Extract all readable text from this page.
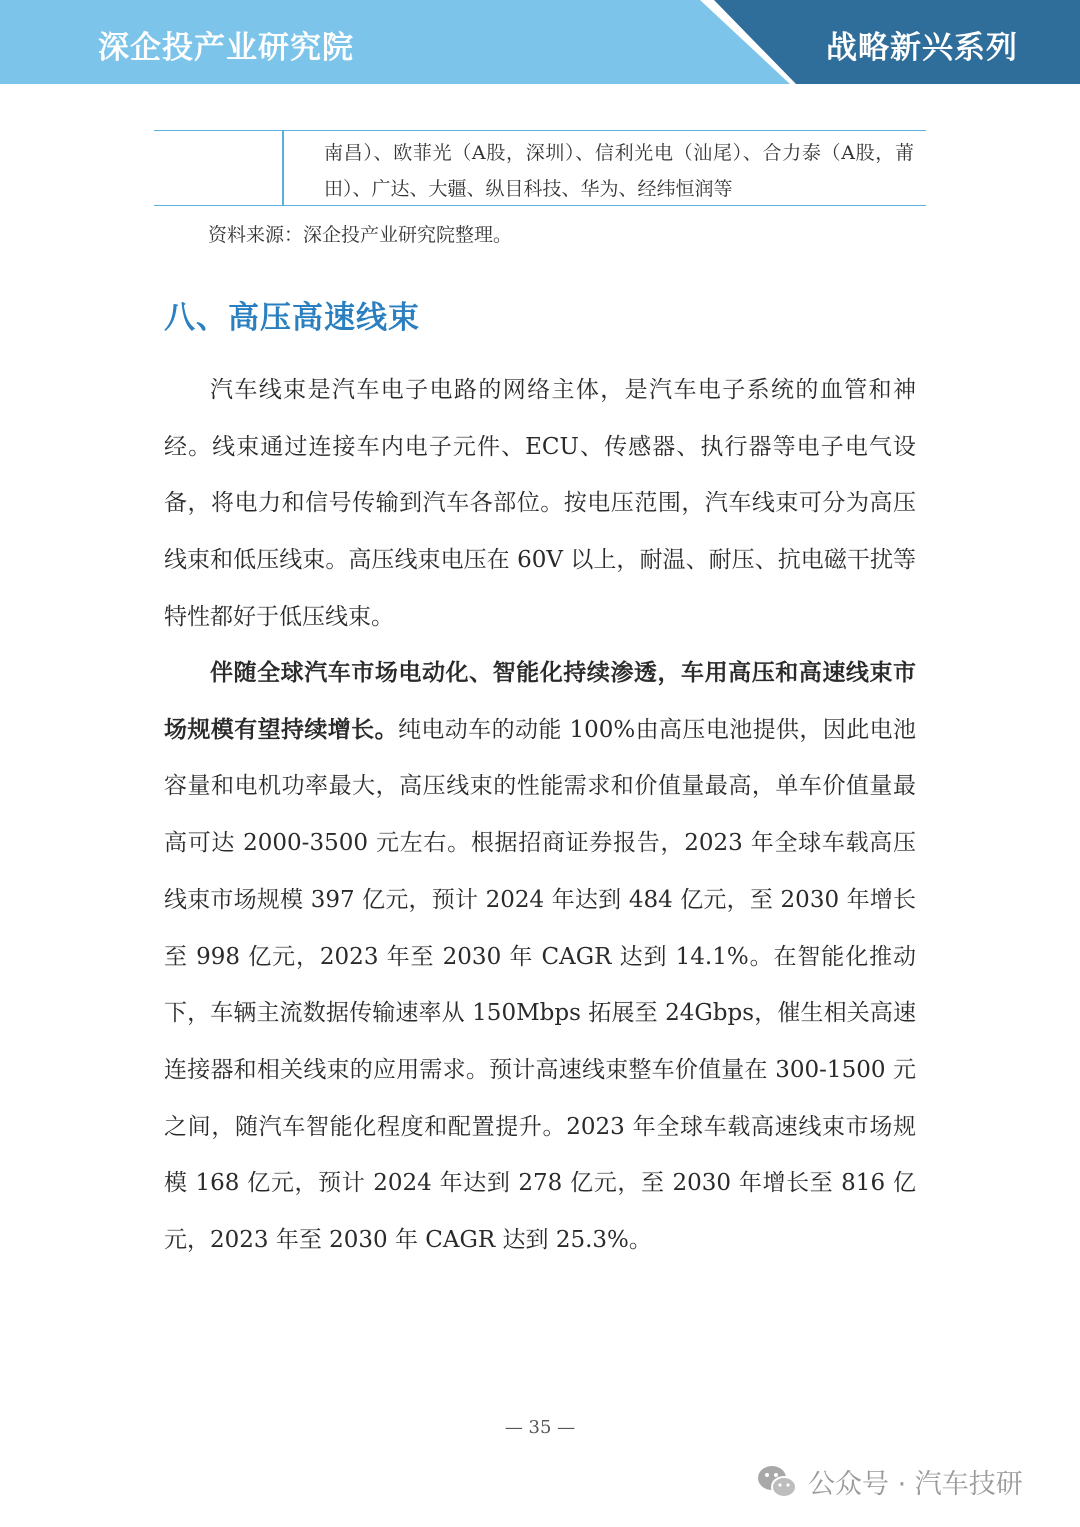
深企投产业研究院	战略新兴系列
南昌）、欧菲光（A股，深圳）、信利光电（汕尾）、合力泰（A股，莆田）、广达、大疆、纵目科技、华为、经纬恒润等
资料来源：深企投产业研究院整理。
八、高压高速线束

汽车线束是汽车电子电路的网络主体，是汽车电子系统的血管和神经。线束通过连接车内电子元件、ECU、传感器、执行器等电子电气设备，将电力和信号传输到汽车各部位。按电压范围，汽车线束可分为高压线束和低压线束。高压线束电压在 60V 以上，耐温、耐压、抗电磁干扰等特性都好于低压线束。

伴随全球汽车市场电动化、智能化持续渗透，车用高压和高速线束市场规模有望持续增长。纯电动车的动能 100%由高压电池提供，因此电池容量和电机功率最大，高压线束的性能需求和价值量最高，单车价值量最高可达 2000-3500 元左右。根据招商证券报告，2023 年全球车载高压线束市场规模 397 亿元，预计 2024 年达到 484 亿元，至 2030 年增长至 998 亿元，2023 年至 2030 年 CAGR 达到 14.1%。在智能化推动下，车辆主流数据传输速率从 150Mbps 拓展至 24Gbps，催生相关高速连接器和相关线束的应用需求。预计高速线束整车价值量在 300-1500 元之间，随汽车智能化程度和配置提升。2023 年全球车载高速线束市场规模 168 亿元，预计 2024 年达到 278 亿元，至 2030 年增长至 816 亿元，2023 年至 2030 年 CAGR 达到 25.3%。

— 35 —
公众号 · 汽车技研
